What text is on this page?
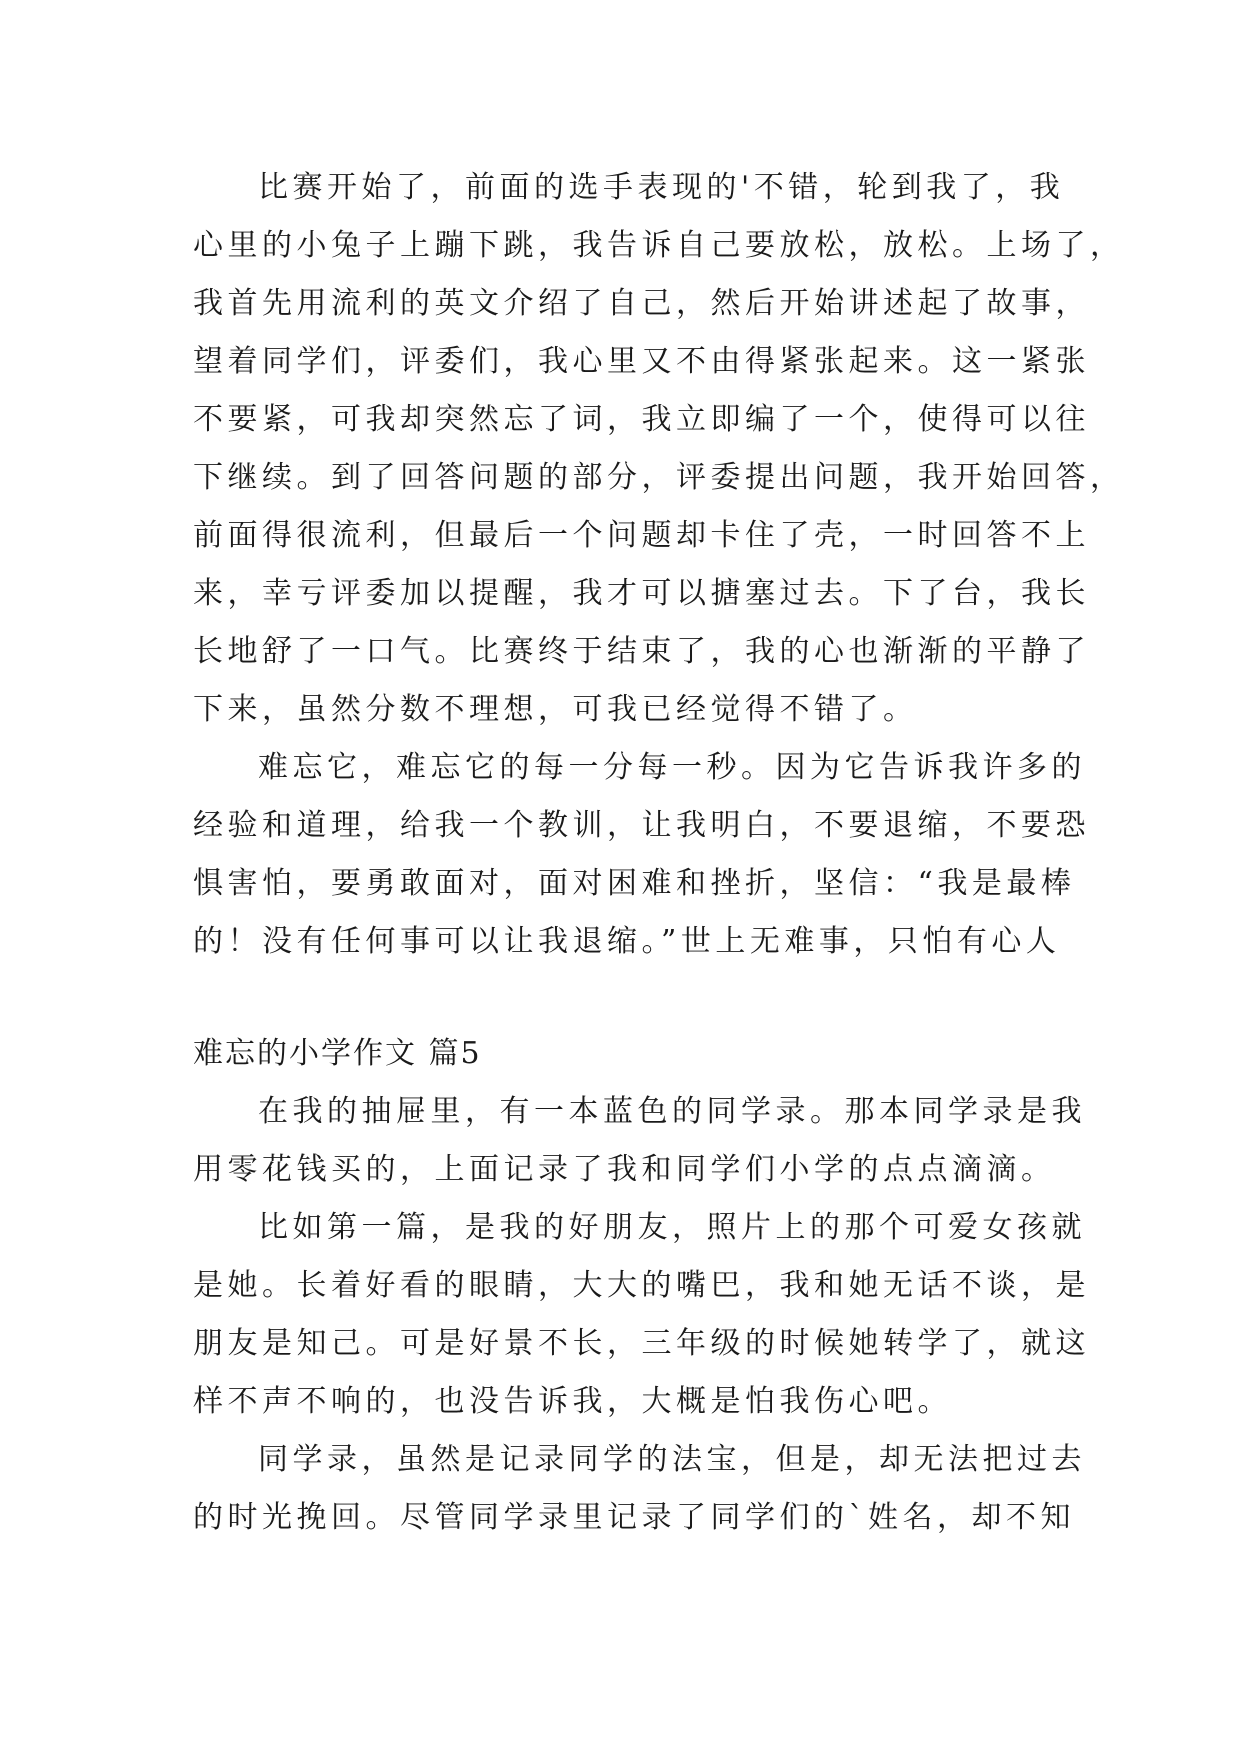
比赛开始了，前面的选手表现的'不错，轮到我了，我
心里的小兔子上蹦下跳，我告诉自己要放松，放松。上场了，
我首先用流利的英文介绍了自己，然后开始讲述起了故事，
望着同学们，评委们，我心里又不由得紧张起来。这一紧张
不要紧，可我却突然忘了词，我立即编了一个，使得可以往
下继续。到了回答问题的部分，评委提出问题，我开始回答，
前面得很流利，但最后一个问题却卡住了壳，一时回答不上
来，幸亏评委加以提醒，我才可以搪塞过去。下了台，我长
长地舒了一口气。比赛终于结束了，我的心也渐渐的平静了
下来，虽然分数不理想，可我已经觉得不错了。
难忘它，难忘它的每一分每一秒。因为它告诉我许多的
经验和道理，给我一个教训，让我明白，不要退缩，不要恐
惧害怕，要勇敢面对，面对困难和挫折，坚信：“我是最棒
的！没有任何事可以让我退缩。”世上无难事，只怕有心人
难忘的小学作文 篇5
在我的抽屉里，有一本蓝色的同学录。那本同学录是我
用零花钱买的，上面记录了我和同学们小学的点点滴滴。
比如第一篇，是我的好朋友，照片上的那个可爱女孩就
是她。长着好看的眼睛，大大的嘴巴，我和她无话不谈，是
朋友是知己。可是好景不长，三年级的时候她转学了，就这
样不声不响的，也没告诉我，大概是怕我伤心吧。
同学录，虽然是记录同学的法宝，但是，却无法把过去
的时光挽回。尽管同学录里记录了同学们的`姓名，却不知
